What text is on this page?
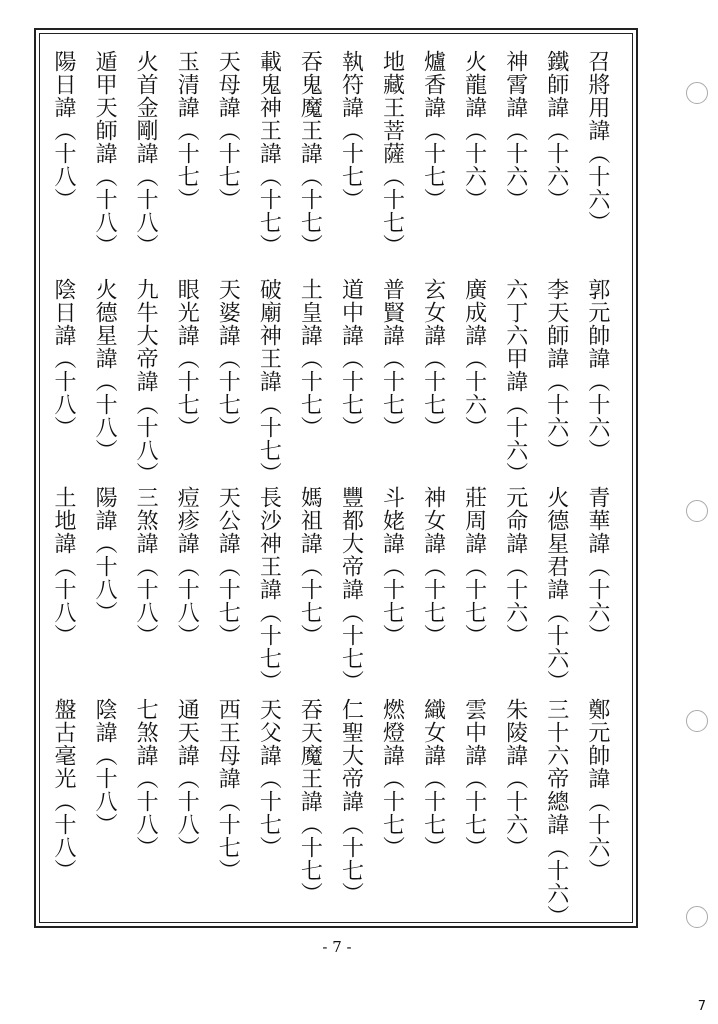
召將用諱（十六）
郭元帥諱（十六）
青華諱（十六）
鄭元帥諱（十六）
鐵師諱（十六）
李天師諱（十六）
火德星君諱（十六）
三十六帝總諱（十六）
神霄諱（十六）
六丁六甲諱（十六）
元命諱（十六）
朱陵諱（十六）
火龍諱（十六）
廣成諱（十六）
莊周諱（十七）
雲中諱（十七）
爐香諱（十七）
玄女諱（十七）
神女諱（十七）
織女諱（十七）
地藏王菩薩（十七）
普賢諱（十七）
斗姥諱（十七）
燃燈諱（十七）
執符諱（十七）
道中諱（十七）
豐都大帝諱（十七）
仁聖大帝諱（十七）
吞鬼魔王諱（十七）
土皇諱（十七）
媽祖諱（十七）
吞天魔王諱（十七）
載鬼神王諱（十七）
破廟神王諱（十七）
長沙神王諱（十七）
天父諱（十七）
天母諱（十七）
天婆諱（十七）
天公諱（十七）
西王母諱（十七）
玉清諱（十七）
眼光諱（十七）
痘疹諱（十八）
通天諱（十八）
火首金剛諱（十八）
九牛大帝諱（十八）
三煞諱（十八）
七煞諱（十八）
遁甲天師諱（十八）
火德星諱（十八）
陽諱（十八）
陰諱（十八）
陽日諱（十八）
陰日諱（十八）
土地諱（十八）
盤古毫光（十八）
- 7 -
7
